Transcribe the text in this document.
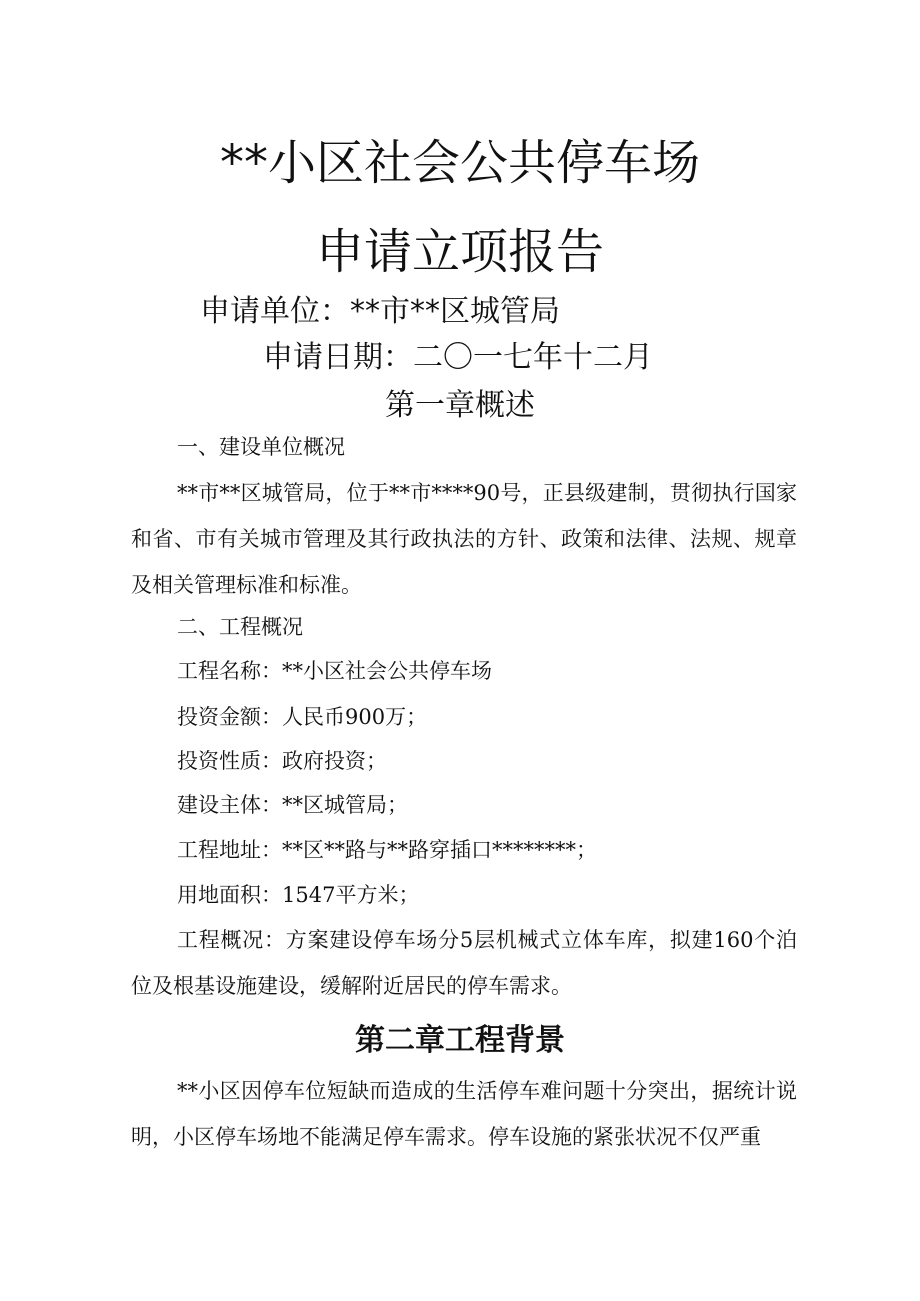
**小区社会公共停车场
申请立项报告
申请单位：**市**区城管局
申请日期：二〇一七年十二月
第一章概述
一、建设单位概况

**市**区城管局，位于**市****90号，正县级建制，贯彻执行国家和省、市有关城市管理及其行政执法的方针、政策和法律、法规、规章及相关管理标准和标准。

二、工程概况
工程名称：**小区社会公共停车场
投资金额：人民币900万；
投资性质：政府投资；
建设主体：**区城管局；
工程地址：**区**路与**路穿插口********；
用地面积：1547平方米；

工程概况：方案建设停车场分5层机械式立体车库，拟建160个泊位及根基设施建设，缓解附近居民的停车需求。

第二章工程背景

**小区因停车位短缺而造成的生活停车难问题十分突出，据统计说明，小区停车场地不能满足停车需求。停车设施的紧张状况不仅严重
